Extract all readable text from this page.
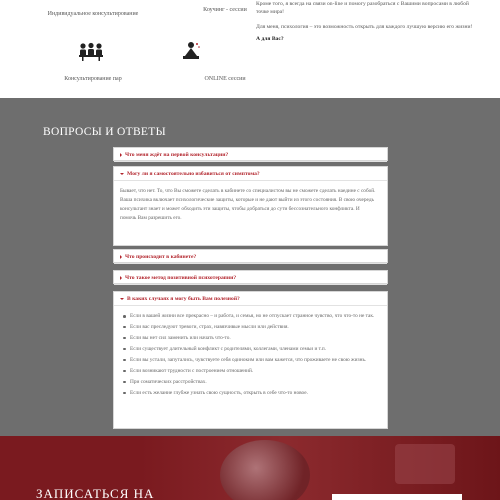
Индивидуальное консультирование
Коучинг - сессии
Консультирование пар	ONLINE сессии

Кроме того, я всегда на связи on-line и помогу разобраться с Вашими вопросами в любой точке мира!

Для меня, психология – это возможность открыть для каждого лучшую версию его жизни!

А для Вас?

ВОПРОСЫ И ОТВЕТЫ
Что меня ждёт на первой консультации?
Могу ли я самостоятельно избавиться от симптома?
Бывает, что нет. То, что Вы сможете сделать в кабинете со специалистом вы не сможете сделать наедине с собой. Ваша психика включает психологические защиты, которые и не дают выйти из этого состояния. В свою очередь консультант знает и может обходить эти защиты, чтобы добраться до сути бессознательного конфликта. И помочь Вам разрешить его.
Что происходит в кабинете?
Что такое метод позитивной психотерапии?
В каких случаях я могу быть Вам полезной?
Если в вашей жизни все прекрасно – и работа, и семья, но не отпускает странное чувство, что что-то не так.
Если вас преследуют тревоги, страх, навязчивые мысли или действия.
Если вы нет сил заменить или начать что-то.
Если существует длительный конфликт с родителями, коллегами, членами семьи и т.п.
Если вы устали, запутались, чувствуете себя одиноким или вам кажется, что проживаете не свою жизнь.
Если возникают трудности с построением отношений.
При соматических расстройствах.
Если есть желание глубже узнать свою сущность, открыть в себе что-то новое.
ЗАПИСАТЬСЯ НА
